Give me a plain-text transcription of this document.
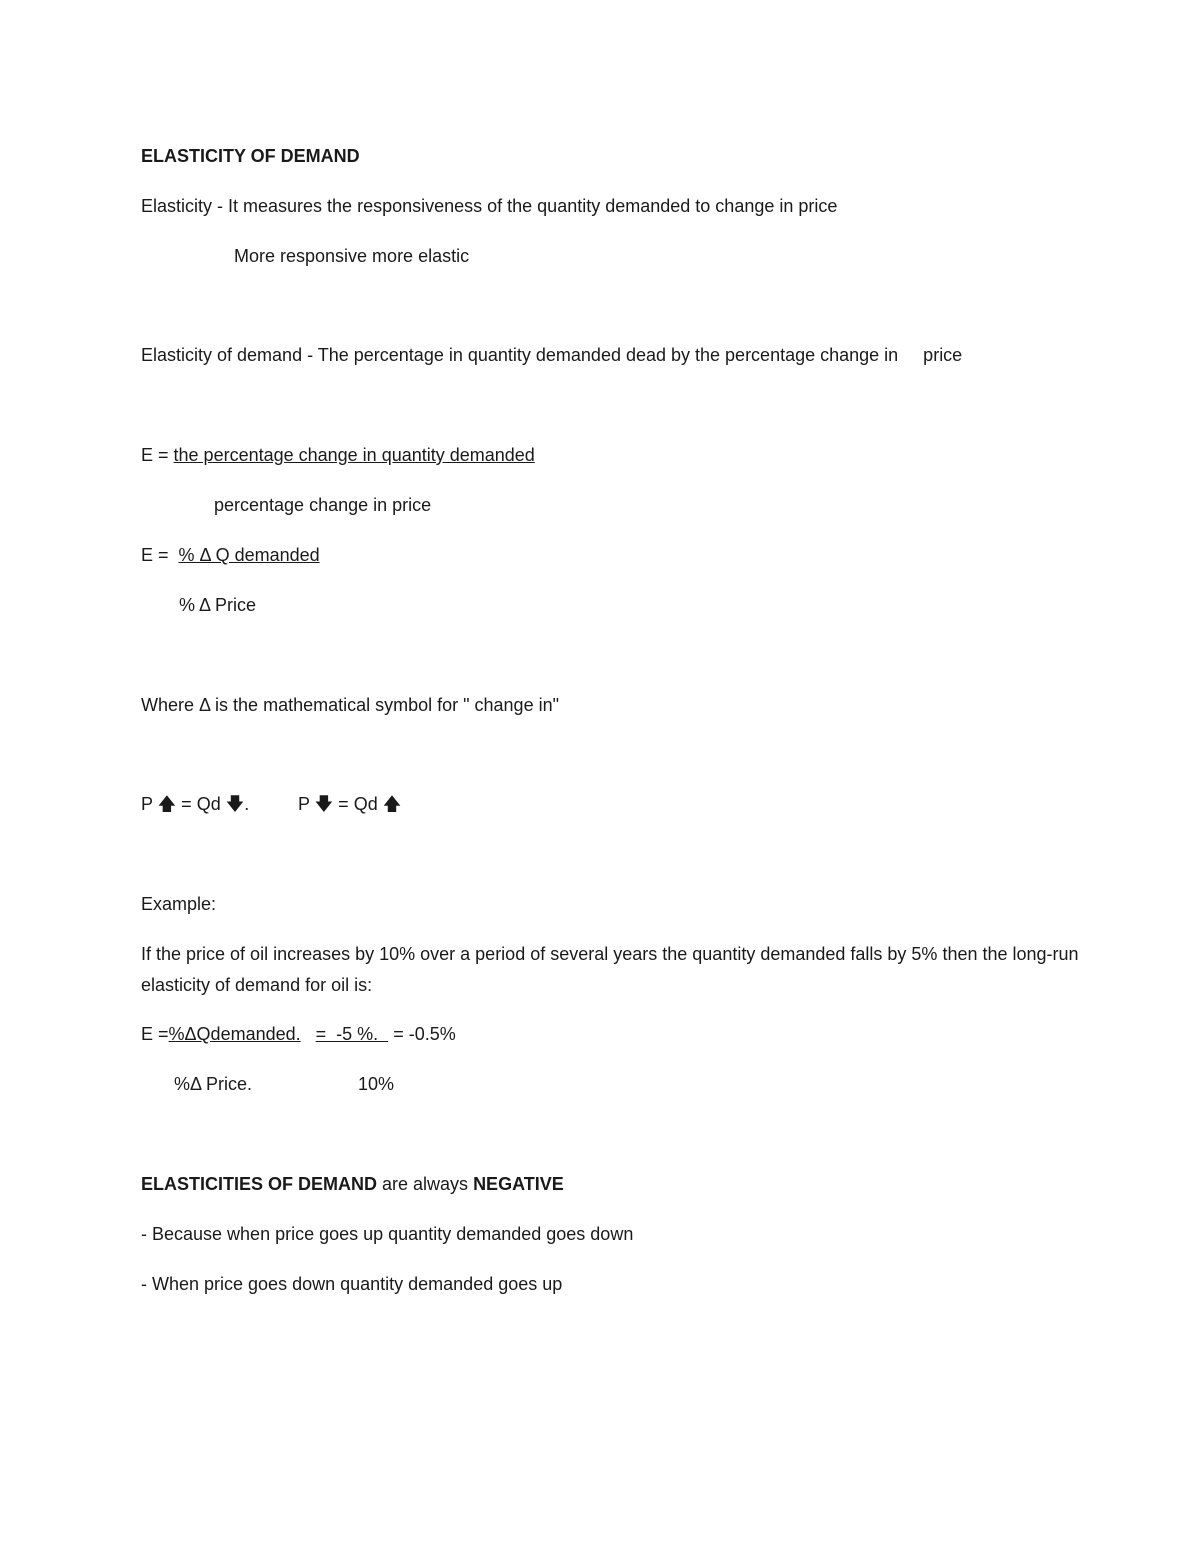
ELASTICITY OF DEMAND
Elasticity - It measures the responsiveness of the quantity demanded to change in price
More responsive more elastic
Elasticity of demand - The percentage in quantity demanded dead by the percentage change in     price
E = the percentage change in quantity demanded
percentage change in price
E =  % Δ Q demanded
% Δ Price
Where Δ is the mathematical symbol for " change in"
P 🡅 = Qd 🡇.	P 🡇 = Qd 🡅
Example:
If the price of oil increases by 10% over a period of several years the quantity demanded falls by 5% then the long-run elasticity of demand for oil is:
E =%ΔQdemanded. =  -5 %.   = -0.5%
%Δ Price.	10%
ELASTICITIES OF DEMAND are always NEGATIVE
- Because when price goes up quantity demanded goes down
- When price goes down quantity demanded goes up
